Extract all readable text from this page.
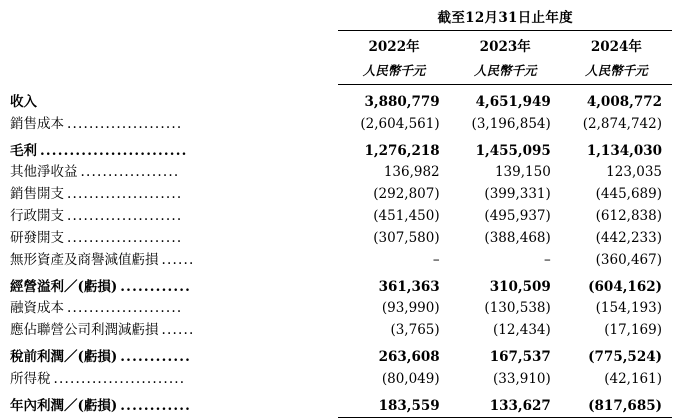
	截至12月31日止年度		

	2022年	2023年	2024年
	人民幣千元	人民幣千元	人民幣千元

收入	3,880,779	4,651,949	4,008,772
銷售成本 .....................	(2,604,561)	(3,196,854)	(2,874,742)

毛利 .........................	1,276,218	1,455,095	1,134,030
其他淨收益 ..................	136,982	139,150	123,035
銷售開支 .....................	(292,807)	(399,331)	(445,689)
行政開支 .....................	(451,450)	(495,937)	(612,838)
研發開支 .....................	(307,580)	(388,468)	(442,233)
無形資產及商譽減值虧損 ......	–	–	(360,467)

經營溢利／(虧損) ............	361,363	310,509	(604,162)
融資成本 .....................	(93,990)	(130,538)	(154,193)
應佔聯營公司利潤減虧損 ......	(3,765)	(12,434)	(17,169)

稅前利潤／(虧損) ............	263,608	167,537	(775,524)
所得稅 ........................	(80,049)	(33,910)	(42,161)

年內利潤／(虧損) ............	183,559	133,627	(817,685)
